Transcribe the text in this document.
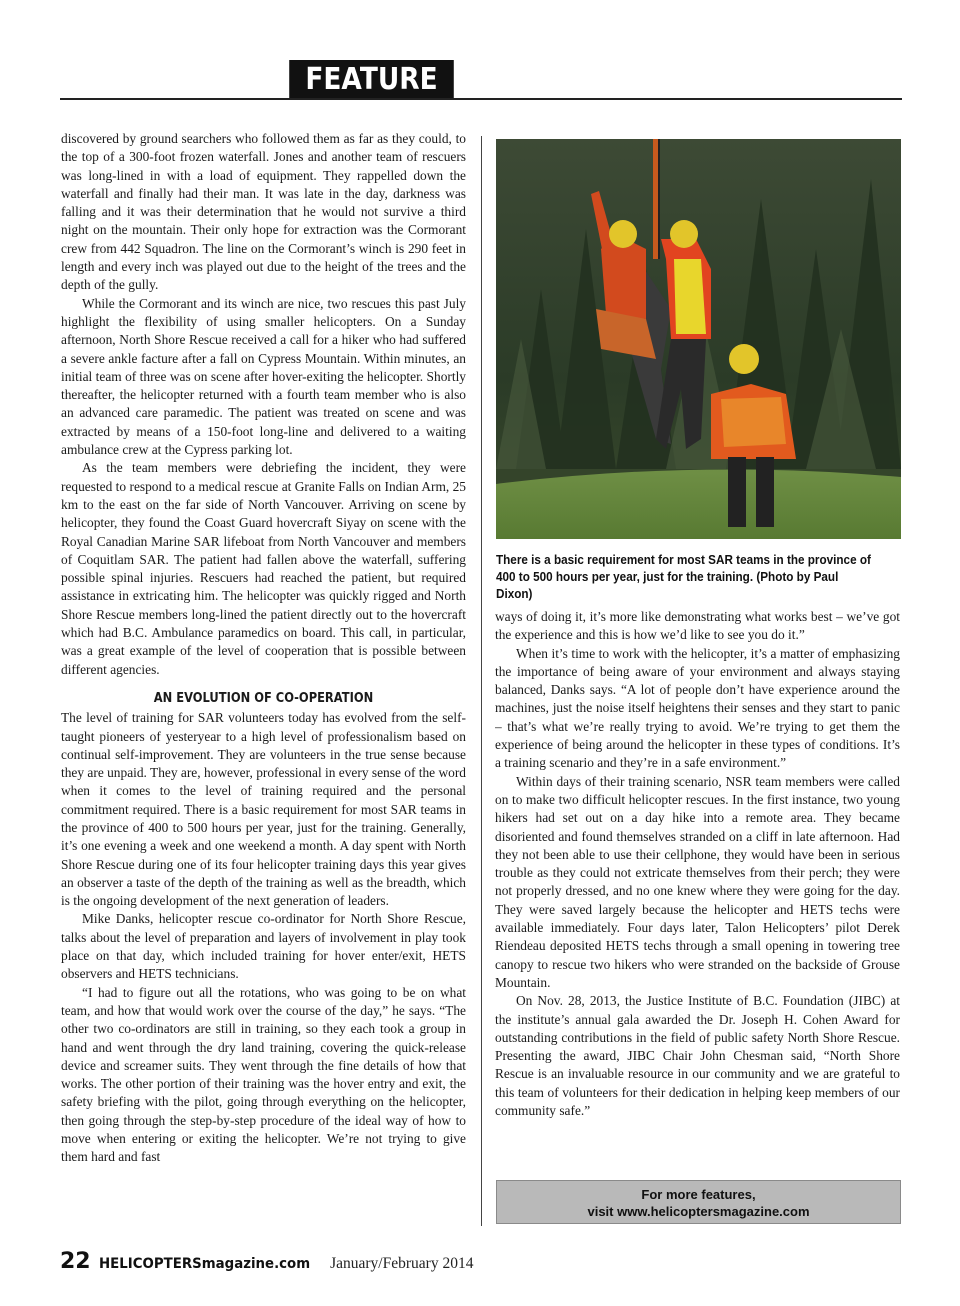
FEATURE

discovered by ground searchers who followed them as far as they could, to the top of a 300-foot frozen waterfall. Jones and another team of rescuers was long-lined in with a load of equipment. They rappelled down the waterfall and finally had their man. It was late in the day, darkness was falling and it was their determination that he would not survive a third night on the mountain. Their only hope for extraction was the Cormorant crew from 442 Squadron. The line on the Cormorant’s winch is 290 feet in length and every inch was played out due to the height of the trees and the depth of the gully.

While the Cormorant and its winch are nice, two rescues this past July highlight the flexibility of using smaller helicopters. On a Sunday afternoon, North Shore Rescue received a call for a hiker who had suffered a severe ankle facture after a fall on Cypress Mountain. Within minutes, an initial team of three was on scene after hover-exiting the helicopter. Shortly thereafter, the helicopter returned with a fourth team member who is also an advanced care paramedic. The patient was treated on scene and was extracted by means of a 150-foot long-line and delivered to a waiting ambulance crew at the Cypress parking lot.

As the team members were debriefing the incident, they were requested to respond to a medical rescue at Granite Falls on Indian Arm, 25 km to the east on the far side of North Vancouver. Arriving on scene by helicopter, they found the Coast Guard hovercraft Siyay on scene with the Royal Canadian Marine SAR lifeboat from North Vancouver and members of Coquitlam SAR. The patient had fallen above the waterfall, suffering possible spinal injuries. Rescuers had reached the patient, but required assistance in extricating him. The helicopter was quickly rigged and North Shore Rescue members long-lined the patient directly out to the hovercraft which had B.C. Ambulance paramedics on board. This call, in particular, was a great example of the level of cooperation that is possible between different agencies.

AN EVOLUTION OF CO-OPERATION

The level of training for SAR volunteers today has evolved from the self-taught pioneers of yesteryear to a high level of professionalism based on continual self-improvement. They are volunteers in the true sense because they are unpaid. They are, however, professional in every sense of the word when it comes to the level of training required and the personal commitment required. There is a basic requirement for most SAR teams in the province of 400 to 500 hours per year, just for the training. Generally, it’s one evening a week and one weekend a month. A day spent with North Shore Rescue during one of its four helicopter training days this year gives an observer a taste of the depth of the training as well as the breadth, which is the ongoing development of the next generation of leaders.

Mike Danks, helicopter rescue co-ordinator for North Shore Rescue, talks about the level of preparation and layers of involvement in play took place on that day, which included training for hover enter/exit, HETS observers and HETS technicians.

“I had to figure out all the rotations, who was going to be on what team, and how that would work over the course of the day,” he says. “The other two co-ordinators are still in training, so they each took a group in hand and went through the dry land training, covering the quick-release device and screamer suits. They went through the fine details of how that works. The other portion of their training was the hover entry and exit, the safety briefing with the pilot, going through everything on the helicopter, then going through the step-by-step procedure of the ideal way of how to move when entering or exiting the helicopter. We’re not trying to give them hard and fast

There is a basic requirement for most SAR teams in the province of 400 to 500 hours per year, just for the training. (Photo by Paul Dixon)

ways of doing it, it’s more like demonstrating what works best – we’ve got the experience and this is how we’d like to see you do it.”

When it’s time to work with the helicopter, it’s a matter of emphasizing the importance of being aware of your environment and always staying balanced, Danks says. “A lot of people don’t have experience around the machines, just the noise itself heightens their senses and they start to panic – that’s what we’re really trying to avoid. We’re trying to get them the experience of being around the helicopter in these types of conditions. It’s a training scenario and they’re in a safe environment.”

Within days of their training scenario, NSR team members were called on to make two difficult helicopter rescues. In the first instance, two young hikers had set out on a day hike into a remote area. They became disoriented and found themselves stranded on a cliff in late afternoon. Had they not been able to use their cellphone, they would have been in serious trouble as they could not extricate themselves from their perch; they were not properly dressed, and no one knew where they were going for the day. They were saved largely because the helicopter and HETS techs were available immediately. Four days later, Talon Helicopters’ pilot Derek Riendeau deposited HETS techs through a small opening in towering tree canopy to rescue two hikers who were stranded on the backside of Grouse Mountain.

On Nov. 28, 2013, the Justice Institute of B.C. Foundation (JIBC) at the institute’s annual gala awarded the Dr. Joseph H. Cohen Award for outstanding contributions in the field of public safety North Shore Rescue. Presenting the award, JIBC Chair John Chesman said, “North Shore Rescue is an invaluable resource in our community and we are grateful to this team of volunteers for their dedication in helping keep members of our community safe.”

For more features,
visit www.helicoptersmagazine.com
22 HELICOPTERSmagazine.com January/February 2014
